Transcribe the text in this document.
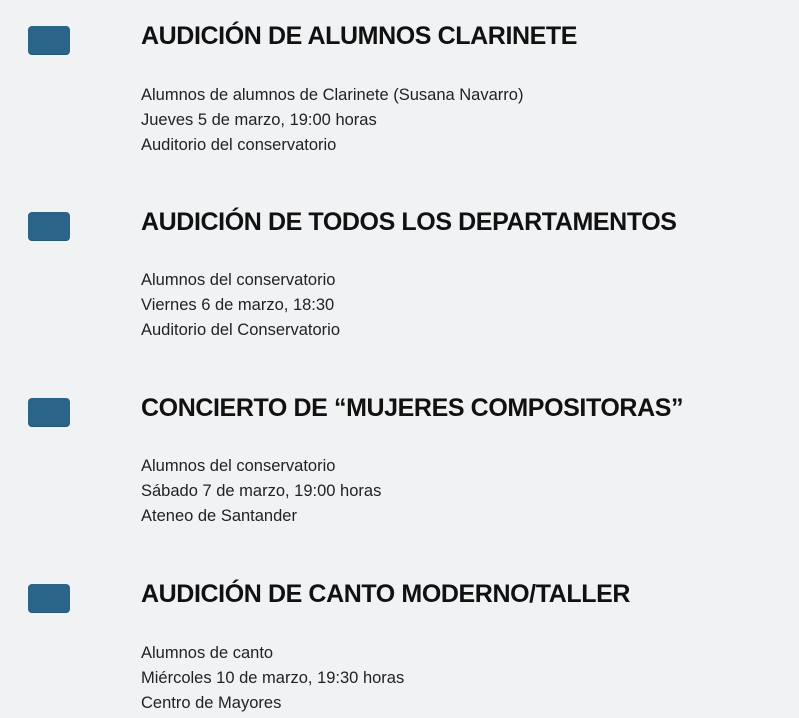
AUDICIÓN DE ALUMNOS CLARINETE
Alumnos de alumnos de Clarinete (Susana Navarro)
Jueves 5 de marzo, 19:00 horas
Auditorio del conservatorio
AUDICIÓN DE TODOS LOS DEPARTAMENTOS
Alumnos del conservatorio
Viernes 6 de marzo, 18:30
Auditorio del Conservatorio
CONCIERTO DE “MUJERES COMPOSITORAS”
Alumnos del conservatorio
Sábado 7 de marzo, 19:00 horas
Ateneo de Santander
AUDICIÓN DE CANTO MODERNO/TALLER
Alumnos de canto
Miércoles 10 de marzo, 19:30 horas
Centro de Mayores
